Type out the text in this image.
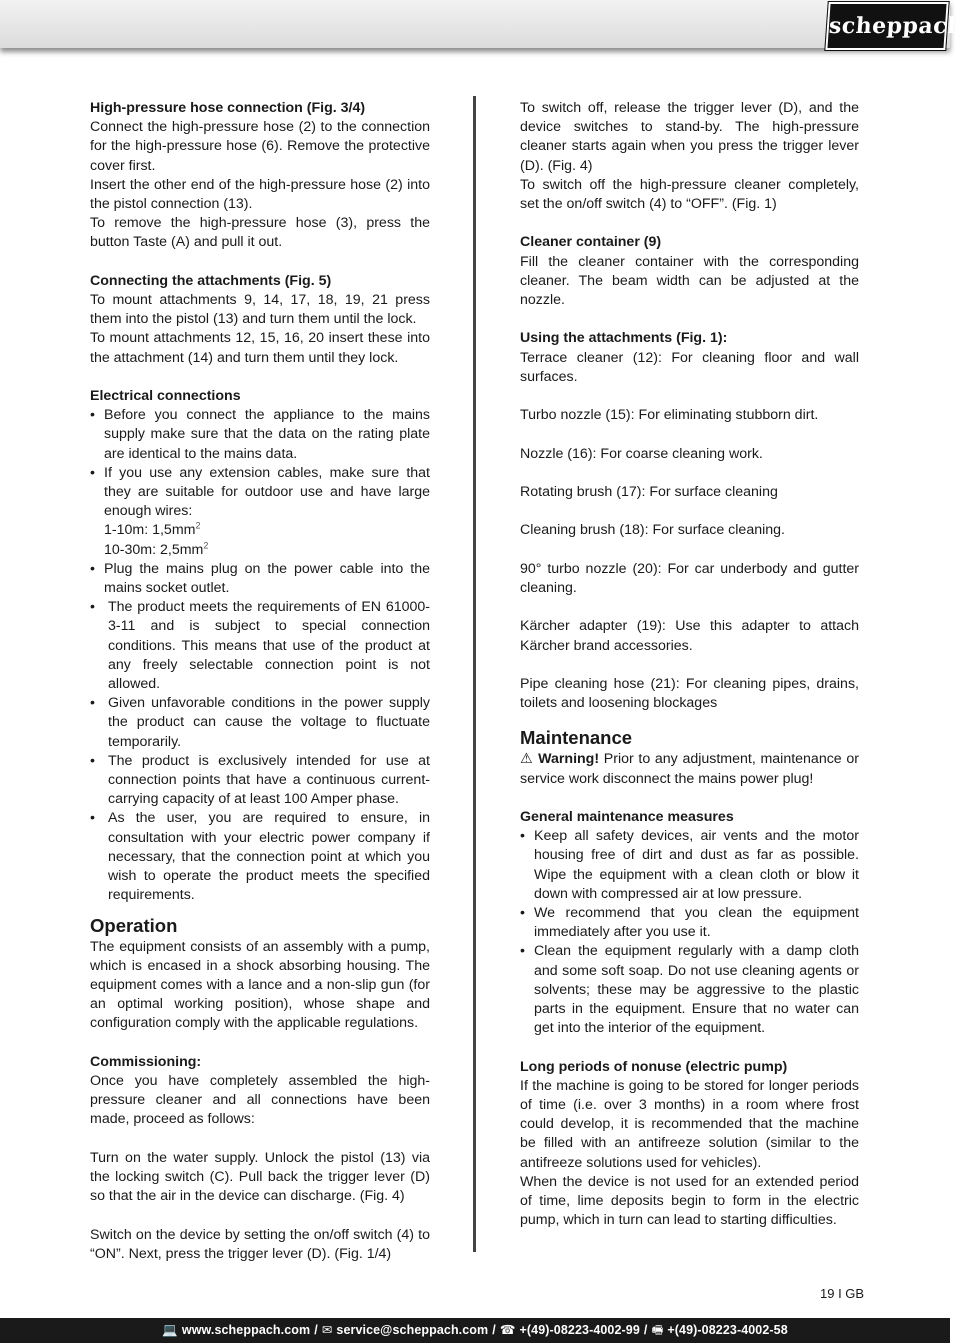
scheppach

High-pressure hose connection (Fig. 3/4)

Connect the high-pressure hose (2) to the connection for the high-pressure hose (6). Remove the protective cover first.

Insert the other end of the high-pressure hose (2) into the pistol connection (13).

To remove the high-pressure hose (3), press the button Taste (A) and pull it out.

Connecting the attachments (Fig. 5)

To mount attachments 9, 14, 17, 18, 19, 21 press them into the pistol (13) and turn them until the lock.

To mount attachments 12, 15, 16, 20 insert these into the attachment (14) and turn them until they lock.

Electrical connections

• Before you connect the appliance to the mains supply make sure that the data on the rating plate are identical to the mains data.
• If you use any extension cables, make sure that they are suitable for outdoor use and have large enough wires:
1-10m: $1,5mm^2$
10-30m: $2,5mm^2$
• Plug the mains plug on the power cable into the mains socket outlet.
• The product meets the requirements of EN 61000-3-11 and is subject to special connection conditions. This means that use of the product at any freely selectable connection point is not allowed.
• Given unfavorable conditions in the power supply the product can cause the voltage to fluctuate temporarily.
• The product is exclusively intended for use at connection points that have a continuous current-carrying capacity of at least 100 Amper phase.
• As the user, you are required to ensure, in consultation with your electric power company if necessary, that the connection point at which you wish to operate the product meets the specified requirements.
Operation

The equipment consists of an assembly with a pump, which is encased in a shock absorbing housing. The equipment comes with a lance and a non-slip gun (for an optimal working position), whose shape and configuration comply with the applicable regulations.

Commissioning:

Once you have completely assembled the high-pressure cleaner and all connections have been made, proceed as follows:

Turn on the water supply. Unlock the pistol (13) via the locking switch (C). Pull back the trigger lever (D) so that the air in the device can discharge. (Fig. 4)

Switch on the device by setting the on/off switch (4) to “ON”. Next, press the trigger lever (D). (Fig. 1/4)

To switch off, release the trigger lever (D), and the device switches to stand-by. The high-pressure cleaner starts again when you press the trigger lever (D). (Fig. 4)

To switch off the high-pressure cleaner completely, set the on/off switch (4) to “OFF”. (Fig. 1)

Cleaner container (9)

Fill the cleaner container with the corresponding cleaner. The beam width can be adjusted at the nozzle.

Using the attachments (Fig. 1):

Terrace cleaner (12): For cleaning floor and wall surfaces.

Turbo nozzle (15): For eliminating stubborn dirt.

Nozzle (16): For coarse cleaning work.

Rotating brush (17): For surface cleaning

Cleaning brush (18): For surface cleaning.

90° turbo nozzle (20): For car underbody and gutter cleaning.

Kärcher adapter (19): Use this adapter to attach Kärcher brand accessories.

Pipe cleaning hose (21): For cleaning pipes, drains, toilets and loosening blockages

Maintenance

⚠ Warning! Prior to any adjustment, maintenance or service work disconnect the mains power plug!

General maintenance measures

• Keep all safety devices, air vents and the motor housing free of dirt and dust as far as possible. Wipe the equipment with a clean cloth or blow it down with compressed air at low pressure.
• We recommend that you clean the equipment immediately after you use it.
• Clean the equipment regularly with a damp cloth and some soft soap. Do not use cleaning agents or solvents; these may be aggressive to the plastic parts in the equipment. Ensure that no water can get into the interior of the equipment.

Long periods of nonuse (electric pump)

If the machine is going to be stored for longer periods of time (i.e. over 3 months) in a room where frost could develop, it is recommended that the machine be filled with an antifreeze solution (similar to the antifreeze solutions used for vehicles).

When the device is not used for an extended period of time, lime deposits begin to form in the electric pump, which in turn can lead to starting difficulties.

19 I GB
💻 www.scheppach.com / ✉ service@scheppach.com / ☎ +(49)-08223-4002-99 / 🖷 +(49)-08223-4002-58
